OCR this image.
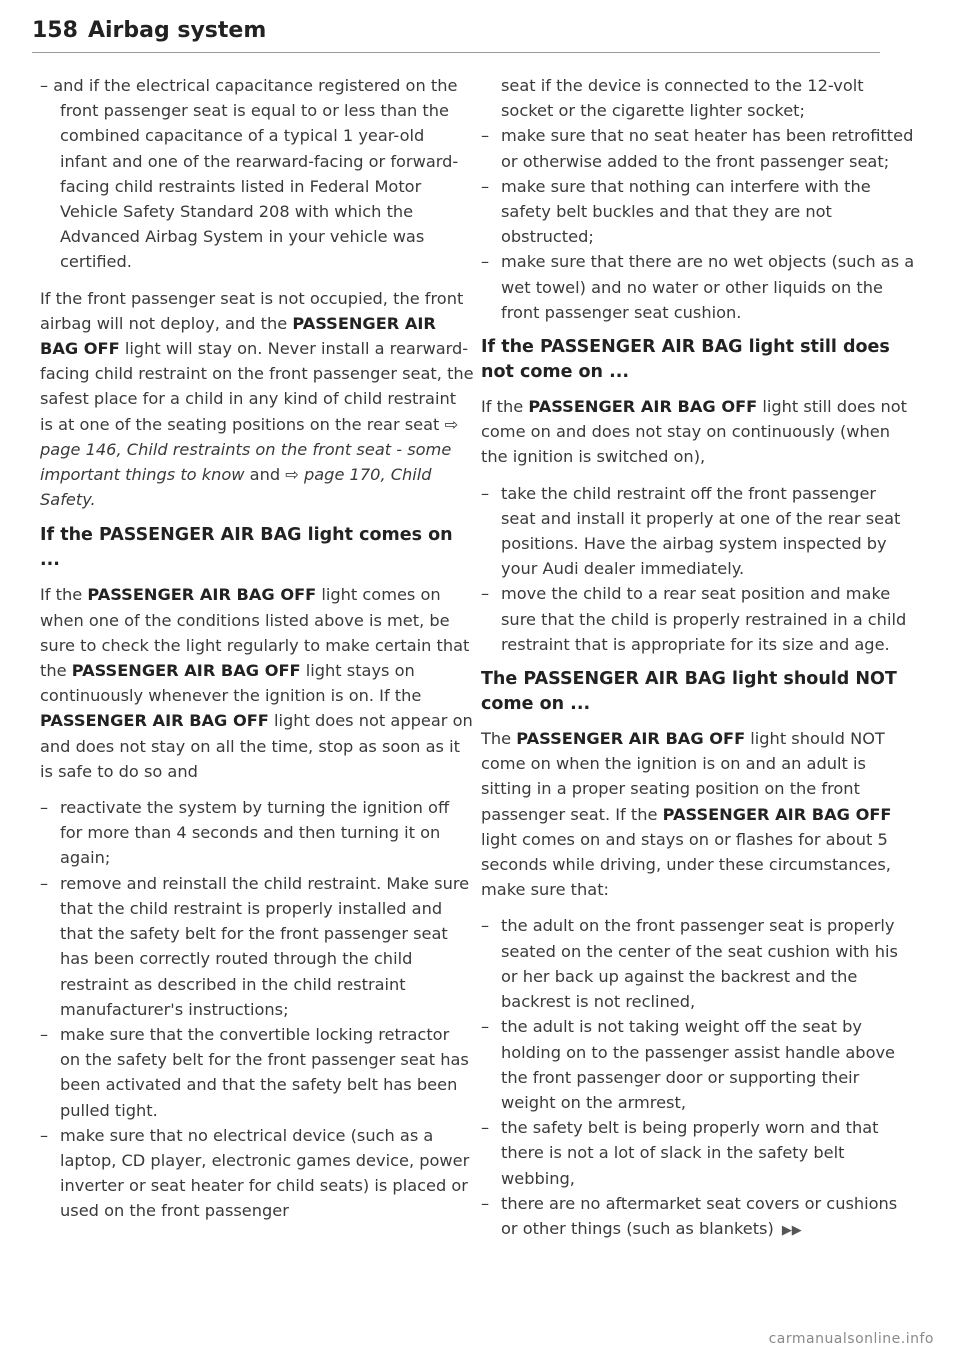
158 Airbag system

– and if the electrical capacitance registered on the front passenger seat is equal to or less than the combined capacitance of a typical 1 year-old infant and one of the rearward-facing or forward-facing child restraints listed in Federal Motor Vehicle Safety Standard 208 with which the Advanced Airbag System in your vehicle was certified.

If the front passenger seat is not occupied, the front airbag will not deploy, and the PASSENGER AIR BAG OFF light will stay on. Never install a rearward-facing child restraint on the front passenger seat, the safest place for a child in any kind of child restraint is at one of the seating positions on the rear seat ⇨ page 146, Child restraints on the front seat - some important things to know and ⇨ page 170, Child Safety.

If the PASSENGER AIR BAG light comes on ...

If the PASSENGER AIR BAG OFF light comes on when one of the conditions listed above is met, be sure to check the light regularly to make certain that the PASSENGER AIR BAG OFF light stays on continuously whenever the ignition is on. If the PASSENGER AIR BAG OFF light does not appear on and does not stay on all the time, stop as soon as it is safe to do so and

– reactivate the system by turning the ignition off for more than 4 seconds and then turning it on again;
– remove and reinstall the child restraint. Make sure that the child restraint is properly installed and that the safety belt for the front passenger seat has been correctly routed through the child restraint as described in the child restraint manufacturer's instructions;
– make sure that the convertible locking retractor on the safety belt for the front passenger seat has been activated and that the safety belt has been pulled tight.
– make sure that no electrical device (such as a laptop, CD player, electronic games device, power inverter or seat heater for child seats) is placed or used on the front passenger

seat if the device is connected to the 12-volt socket or the cigarette lighter socket;

– make sure that no seat heater has been retrofitted or otherwise added to the front passenger seat;
– make sure that nothing can interfere with the safety belt buckles and that they are not obstructed;
– make sure that there are no wet objects (such as a wet towel) and no water or other liquids on the front passenger seat cushion.
If the PASSENGER AIR BAG light still does not come on ...

If the PASSENGER AIR BAG OFF light still does not come on and does not stay on continuously (when the ignition is switched on),

– take the child restraint off the front passenger seat and install it properly at one of the rear seat positions. Have the airbag system inspected by your Audi dealer immediately.
– move the child to a rear seat position and make sure that the child is properly restrained in a child restraint that is appropriate for its size and age.
The PASSENGER AIR BAG light should NOT come on ...

The PASSENGER AIR BAG OFF light should NOT come on when the ignition is on and an adult is sitting in a proper seating position on the front passenger seat. If the PASSENGER AIR BAG OFF light comes on and stays on or flashes for about 5 seconds while driving, under these circumstances, make sure that:

– the adult on the front passenger seat is properly seated on the center of the seat cushion with his or her back up against the backrest and the backrest is not reclined,
– the adult is not taking weight off the seat by holding on to the passenger assist handle above the front passenger door or supporting their weight on the armrest,
– the safety belt is being properly worn and that there is not a lot of slack in the safety belt webbing,
– there are no aftermarket seat covers or cushions or other things (such as blankets) ▶▶
carmanualsonline.info
